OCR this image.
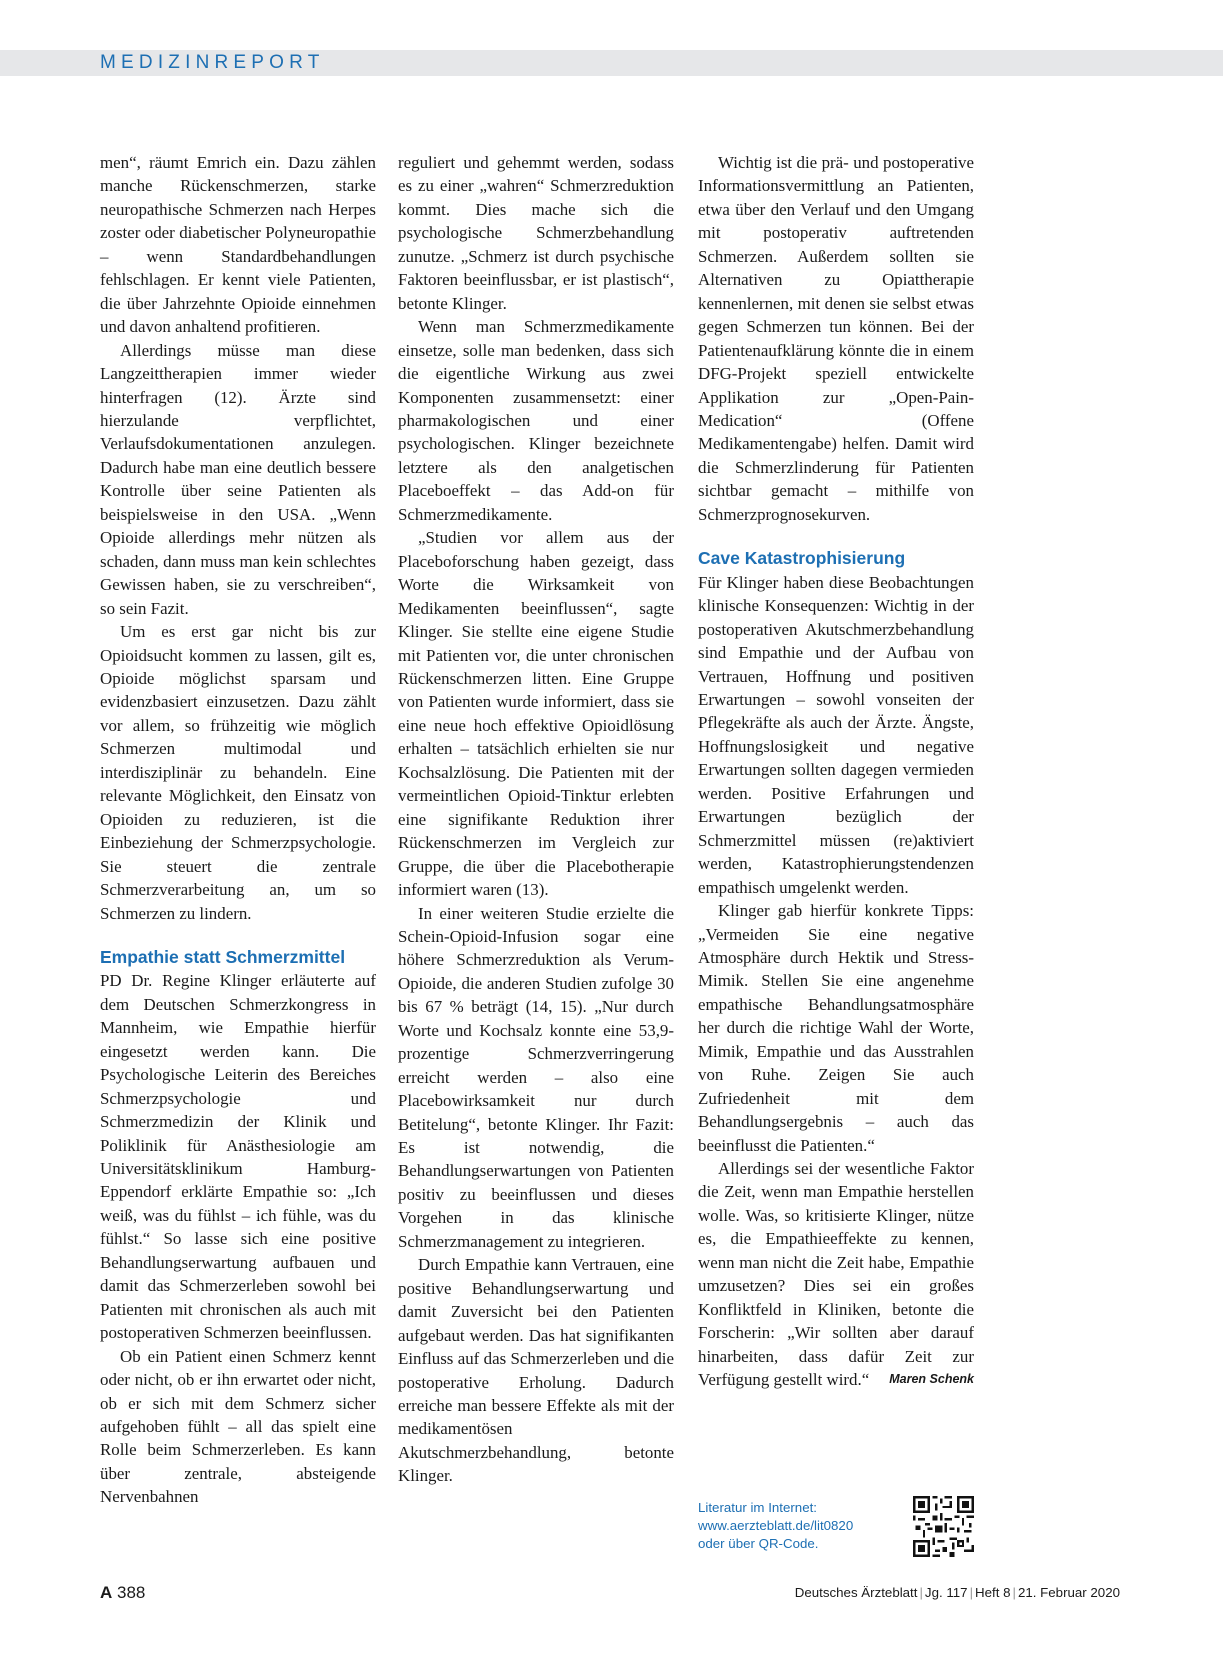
MEDIZINREPORT

men“, räumt Emrich ein. Dazu zählen manche Rückenschmerzen, starke neuropathische Schmerzen nach Herpes zoster oder diabetischer Polyneuropathie – wenn Standardbehandlungen fehlschlagen. Er kennt viele Patienten, die über Jahrzehnte Opioide einnehmen und davon anhaltend profitieren.

Allerdings müsse man diese Langzeittherapien immer wieder hinterfragen (12). Ärzte sind hierzulande verpflichtet, Verlaufsdokumentationen anzulegen. Dadurch habe man eine deutlich bessere Kontrolle über seine Patienten als beispielsweise in den USA. „Wenn Opioide allerdings mehr nützen als schaden, dann muss man kein schlechtes Gewissen haben, sie zu verschreiben“, so sein Fazit.

Um es erst gar nicht bis zur Opioidsucht kommen zu lassen, gilt es, Opioide möglichst sparsam und evidenzbasiert einzusetzen. Dazu zählt vor allem, so frühzeitig wie möglich Schmerzen multimodal und interdisziplinär zu behandeln. Eine relevante Möglichkeit, den Einsatz von Opioiden zu reduzieren, ist die Einbeziehung der Schmerzpsychologie. Sie steuert die zentrale Schmerzverarbeitung an, um so Schmerzen zu lindern.

Empathie statt Schmerzmittel

PD Dr. Regine Klinger erläuterte auf dem Deutschen Schmerzkongress in Mannheim, wie Empathie hierfür eingesetzt werden kann. Die Psychologische Leiterin des Bereiches Schmerzpsychologie und Schmerzmedizin der Klinik und Poliklinik für Anästhesiologie am Universitätsklinikum Hamburg-Eppendorf erklärte Empathie so: „Ich weiß, was du fühlst – ich fühle, was du fühlst.“ So lasse sich eine positive Behandlungserwartung aufbauen und damit das Schmerzerleben sowohl bei Patienten mit chronischen als auch mit postoperativen Schmerzen beeinflussen.

Ob ein Patient einen Schmerz kennt oder nicht, ob er ihn erwartet oder nicht, ob er sich mit dem Schmerz sicher aufgehoben fühlt – all das spielt eine Rolle beim Schmerzerleben. Es kann über zentrale, absteigende Nervenbahnen

reguliert und gehemmt werden, sodass es zu einer „wahren“ Schmerzreduktion kommt. Dies mache sich die psychologische Schmerzbehandlung zunutze. „Schmerz ist durch psychische Faktoren beeinflussbar, er ist plastisch“, betonte Klinger.

Wenn man Schmerzmedikamente einsetze, solle man bedenken, dass sich die eigentliche Wirkung aus zwei Komponenten zusammensetzt: einer pharmakologischen und einer psychologischen. Klinger bezeichnete letztere als den analgetischen Placeboeffekt – das Add-on für Schmerzmedikamente.

„Studien vor allem aus der Placeboforschung haben gezeigt, dass Worte die Wirksamkeit von Medikamenten beeinflussen“, sagte Klinger. Sie stellte eine eigene Studie mit Patienten vor, die unter chronischen Rückenschmerzen litten. Eine Gruppe von Patienten wurde informiert, dass sie eine neue hoch effektive Opioidlösung erhalten – tatsächlich erhielten sie nur Kochsalzlösung. Die Patienten mit der vermeintlichen Opioid-Tinktur erlebten eine signifikante Reduktion ihrer Rückenschmerzen im Vergleich zur Gruppe, die über die Placebotherapie informiert waren (13).

In einer weiteren Studie erzielte die Schein-Opioid-Infusion sogar eine höhere Schmerzreduktion als Verum-Opioide, die anderen Studien zufolge 30 bis 67 % beträgt (14, 15). „Nur durch Worte und Kochsalz konnte eine 53,9-prozentige Schmerzverringerung erreicht werden – also eine Placebowirksamkeit nur durch Betitelung“, betonte Klinger. Ihr Fazit: Es ist notwendig, die Behandlungserwartungen von Patienten positiv zu beeinflussen und dieses Vorgehen in das klinische Schmerzmanagement zu integrieren.

Durch Empathie kann Vertrauen, eine positive Behandlungserwartung und damit Zuversicht bei den Patienten aufgebaut werden. Das hat signifikanten Einfluss auf das Schmerzerleben und die postoperative Erholung. Dadurch erreiche man bessere Effekte als mit der medikamentösen Akutschmerzbehandlung, betonte Klinger.

Wichtig ist die prä- und postoperative Informationsvermittlung an Patienten, etwa über den Verlauf und den Umgang mit postoperativ auftretenden Schmerzen. Außerdem sollten sie Alternativen zu Opiattherapie kennenlernen, mit denen sie selbst etwas gegen Schmerzen tun können. Bei der Patientenaufklärung könnte die in einem DFG-Projekt speziell entwickelte Applikation zur „Open-Pain-Medication“ (Offene Medikamentengabe) helfen. Damit wird die Schmerzlinderung für Patienten sichtbar gemacht – mithilfe von Schmerzprognosekurven.

Cave Katastrophisierung

Für Klinger haben diese Beobachtungen klinische Konsequenzen: Wichtig in der postoperativen Akutschmerzbehandlung sind Empathie und der Aufbau von Vertrauen, Hoffnung und positiven Erwartungen – sowohl vonseiten der Pflegekräfte als auch der Ärzte. Ängste, Hoffnungslosigkeit und negative Erwartungen sollten dagegen vermieden werden. Positive Erfahrungen und Erwartungen bezüglich der Schmerzmittel müssen (re)aktiviert werden, Katastrophierungstendenzen empathisch umgelenkt werden.

Klinger gab hierfür konkrete Tipps: „Vermeiden Sie eine negative Atmosphäre durch Hektik und Stress-Mimik. Stellen Sie eine angenehme empathische Behandlungsatmosphäre her durch die richtige Wahl der Worte, Mimik, Empathie und das Ausstrahlen von Ruhe. Zeigen Sie auch Zufriedenheit mit dem Behandlungsergebnis – auch das beeinflusst die Patienten.“

Allerdings sei der wesentliche Faktor die Zeit, wenn man Empathie herstellen wolle. Was, so kritisierte Klinger, nütze es, die Empathieeffekte zu kennen, wenn man nicht die Zeit habe, Empathie umzusetzen? Dies sei ein großes Konfliktfeld in Kliniken, betonte die Forscherin: „Wir sollten aber darauf hinarbeiten, dass dafür Zeit zur Verfügung gestellt wird.“	Maren Schenk

Literatur im Internet:
www.aerzteblatt.de/lit0820
oder über QR-Code.
A 388	Deutsches Ärzteblatt | Jg. 117 | Heft 8 | 21. Februar 2020
